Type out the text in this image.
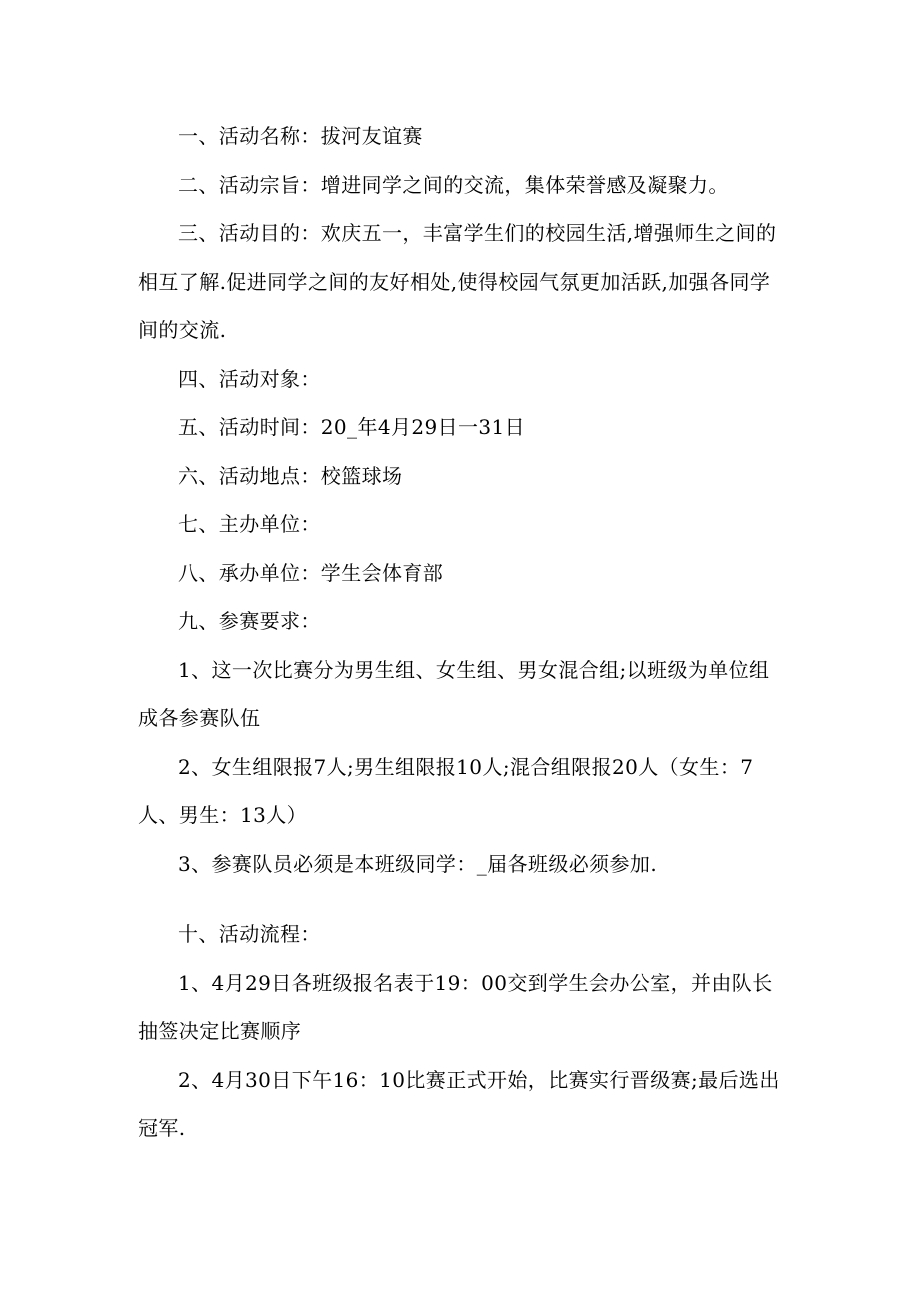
一、活动名称：拔河友谊赛

二、活动宗旨：增进同学之间的交流，集体荣誉感及凝聚力。

三、活动目的：欢庆五一，丰富学生们的校园生活,增强师生之间的相互了解.促进同学之间的友好相处,使得校园气氛更加活跃,加强各同学间的交流.

四、活动对象：

五、活动时间：20_年4月29日一31日

六、活动地点：校篮球场

七、主办单位：

八、承办单位：学生会体育部

九、参赛要求：

1、这一次比赛分为男生组、女生组、男女混合组;以班级为单位组成各参赛队伍

2、女生组限报7人;男生组限报10人;混合组限报20人（女生：7人、男生：13人）

3、参赛队员必须是本班级同学：_届各班级必须参加.

十、活动流程：

1、4月29日各班级报名表于19：00交到学生会办公室，并由队长抽签决定比赛顺序

2、4月30日下午16：10比赛正式开始，比赛实行晋级赛;最后选出冠军.
